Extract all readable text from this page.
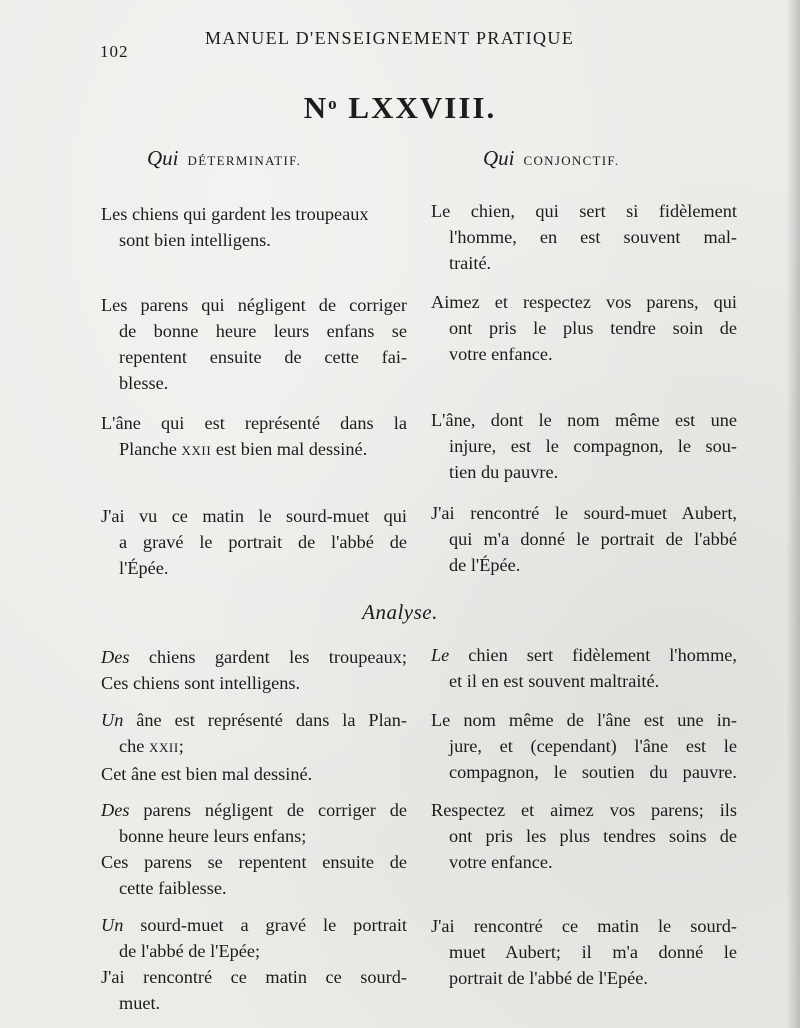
102
MANUEL D'ENSEIGNEMENT PRATIQUE
$N^o$ LXXVIII.
Qui DÉTERMINATIF.	Qui CONJONCTIF.
Les chiens qui gardent les troupeaux
sont bien intelligens.
Le chien, qui sert si fidèlement
l'homme, en est souvent mal-
traité.
Les parens qui négligent de corriger
de bonne heure leurs enfans se
repentent ensuite de cette fai-
blesse.
Aimez et respectez vos parens, qui
ont pris le plus tendre soin de
votre enfance.
L'âne qui est représenté dans la
Planche XXII est bien mal dessiné.
L'âne, dont le nom même est une
injure, est le compagnon, le sou-
tien du pauvre.
J'ai vu ce matin le sourd-muet qui
a gravé le portrait de l'abbé de
l'Épée.
J'ai rencontré le sourd-muet Aubert,
qui m'a donné le portrait de l'abbé
de l'Épée.
Analyse.
Des chiens gardent les troupeaux;
Ces chiens sont intelligens.
Le chien sert fidèlement l'homme,
et il en est souvent maltraité.
Un âne est représenté dans la Plan-
che XXII;
Cet âne est bien mal dessiné.
Le nom même de l'âne est une in-
jure, et (cependant) l'âne est le
compagnon, le soutien du pauvre.
Des parens négligent de corriger de
bonne heure leurs enfans;
Ces parens se repentent ensuite de
cette faiblesse.
Respectez et aimez vos parens; ils
ont pris les plus tendres soins de
votre enfance.
Un sourd-muet a gravé le portrait
de l'abbé de l'Epée;
J'ai rencontré ce matin ce sourd-
muet.
J'ai rencontré ce matin le sourd-
muet Aubert; il m'a donné le
portrait de l'abbé de l'Epée.
